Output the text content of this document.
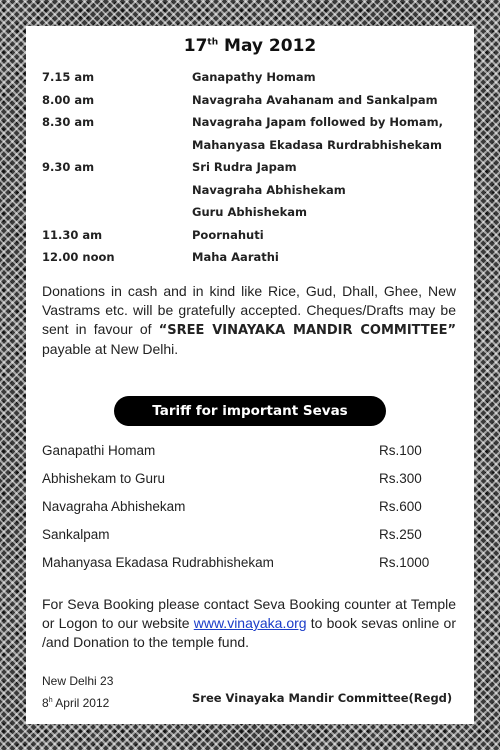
17th May 2012
7.15 am	Ganapathy Homam
8.00 am	Navagraha Avahanam and Sankalpam
8.30 am	Navagraha Japam followed by Homam,
Mahanyasa Ekadasa Rurdrabhishekam
9.30 am	Sri Rudra Japam
Navagraha Abhishekam
Guru Abhishekam
11.30 am	Poornahuti
12.00 noon	Maha Aarathi
Donations in cash and in kind like Rice, Gud, Dhall, Ghee, New Vastrams etc. will be gratefully accepted. Cheques/Drafts may be sent in favour of “SREE VINAYAKA MANDIR COMMITTEE” payable at New Delhi.
Tariff for important Sevas
Ganapathi Homam	Rs.100
Abhishekam to Guru	Rs.300
Navagraha Abhishekam	Rs.600
Sankalpam	Rs.250
Mahanyasa Ekadasa Rudrabhishekam	Rs.1000
For Seva Booking please contact Seva Booking counter at Temple or Logon to our website www.vinayaka.org to book sevas online or /and Donation to the temple fund.
New Delhi 23
8$^h$ April 2012	Sree Vinayaka Mandir Committee(Regd)
